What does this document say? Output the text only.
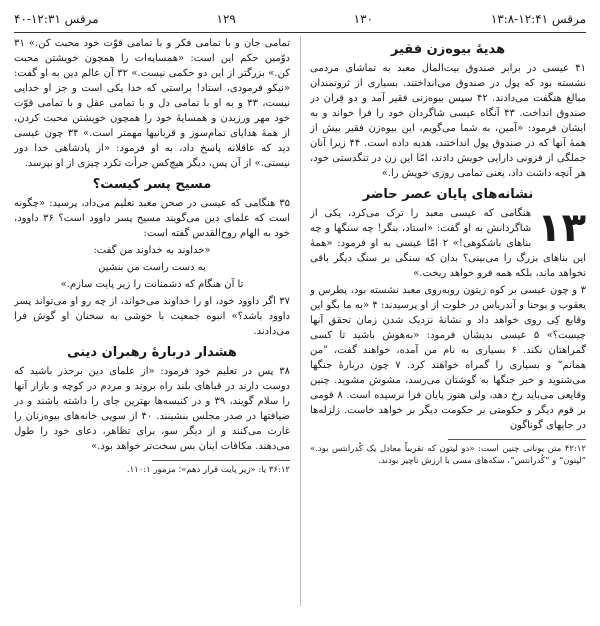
مرقس ۱۲:۴۱-۱۳:۸
۱۳۰
۱۲۹
مرقس ۱۲:۳۱-۴۰
هدیهٔ بیوه‌زن فقیر

۴۱ عیسی در برابر صندوق بیت‌المال معبد به تماشای مردمی نشسته بود که پول در صندوق می‌انداختند. بسیاری از ثروتمندان مبالغ هنگفت می‌دادند. ۴۲ سپس بیوه‌زنی فقیر آمد و دو قِران در صندوق انداخت. ۴۳ آنگاه عیسی شاگردان خود را فرا خواند و به ایشان فرمود: «آمین، به شما می‌گویم، این بیوه‌زن فقیر بیش از همهٔ آنها که در صندوق پول انداختند، هدیه داده است. ۴۴ زیرا آنان جملگی از فزونی دارایی خویش دادند، امّا این زن در تنگدستی خود، هر آنچه داشت داد، یعنی تمامی روزی خویش را.»

نشانه‌های پایان عصر حاضر

۱۳
هنگامی که عیسی معبد را ترک می‌کرد، یکی از شاگردانش به او گفت: «استاد، بنگر! چه سنگها و چه بناهای باشکوهی!» ۲ امّا عیسی به او فرمود: «همهٔ این بناهای بزرگ را می‌بینی؟ بدان که سنگی بر سنگ دیگر باقی نخواهد ماند، بلکه همه فرو خواهد ریخت.»

۳ و چون عیسی بر کوه زیتون روبه‌روی معبد نشسته بود، پطرس و یعقوب و یوحنا و آندریاس در خلوت از او پرسیدند: ۴ «به ما بگو این وقایع کِی روی خواهد داد و نشانهٔ نزدیک شدن زمان تحقق آنها چیست؟» ۵ عیسی بدیشان فرمود: «به‌هوش باشید تا کسی گمراهتان نکند. ۶ بسیاری به نام من آمده، خواهند گفت، ”من همانم“ و بسیاری را گمراه خواهند کرد. ۷ چون دربارهٔ جنگها می‌شنوید و خبر جنگها به گوشتان می‌رسد، مشوش مشوید. چنین وقایعی می‌باید رخ دهد، ولی هنوز پایان فرا نرسیده است. ۸ قومی بر قوم دیگر و حکومتی بر حکومت دیگر بر خواهد خاست. زلزله‌ها در جایهای گوناگون

۴۲:۱۲ متن یونانی چنین است: «دو لپتون که تقریباً معادل یک کُدرانتس بود.» ”لپتون“ و ”کُدرانتس“، سکه‌های مسی با ارزش ناچیز بودند.

تمامی جان و با تمامی فکر و با تمامی قوّت خود محبت کن.» ۳۱ دوّمین حکم این است: «همسایه‌ات را همچون خویشتن محبت کن.» بزرگتر از این دو حکمی نیست.» ۳۲ آن عالم دین به او گفت: «نیکو فرمودی، استاد! براستی که خدا یکی است و جز او خدایی نیست، ۳۳ و به او با تمامی دل و با تمامی عقل و با تمامی قوّت خود مهر ورزیدن و همسایهٔ خود را همچون خویشتن محبت کردن، از همهٔ هدایای تمام‌سوز و قربانیها مهمتر است.» ۳۴ چون عیسی دید که عاقلانه پاسخ داد، به او فرمود: «از پادشاهی خدا دور نیستی.» از آن پس، دیگر هیچ‌کس جرأت نکرد چیزی از او بپرسد.

مسیح پسر کیست؟

۳۵ هنگامی که عیسی در صحن معبد تعلیم می‌داد، پرسید: «چگونه است که علمای دین می‌گویند مسیح پسر داوود است؟ ۳۶ داوود، خود به الهام روح‌القدس گفته است:

«خداوند به خداوند من گفت:

به دست راست من بنشین

تا آن هنگام که دشمنانت را زیر پایت سازم.»

۳۷ اگر داوود خود، او را خداوند می‌خواند، از چه رو او می‌تواند پسر داوود باشد؟» انبوه جمعیت با خوشی به سخنان او گوش فرا می‌دادند.

هشدار دربارهٔ رهبران دینی

۳۸ پس در تعلیم خود فرمود: «از علمای دین برحذر باشید که دوست دارند در قباهای بلند راه بروند و مردم در کوچه و بازار آنها را سلام گویند، ۳۹ و در کنیسه‌ها بهترین جای را داشته باشند و در ضیافتها در صدر مجلس بنشینند. ۴۰ از سویی خانه‌های بیوه‌زنان را غارت می‌کنند و از دیگر سو، برای تظاهر، دعای خود را طول می‌دهند. مکافات اینان بس سخت‌تر خواهد بود.»

۳۶:۱۲ یا: «زیر پایت قرار دهم»؛ مزمور ۱۱۰:۱.
